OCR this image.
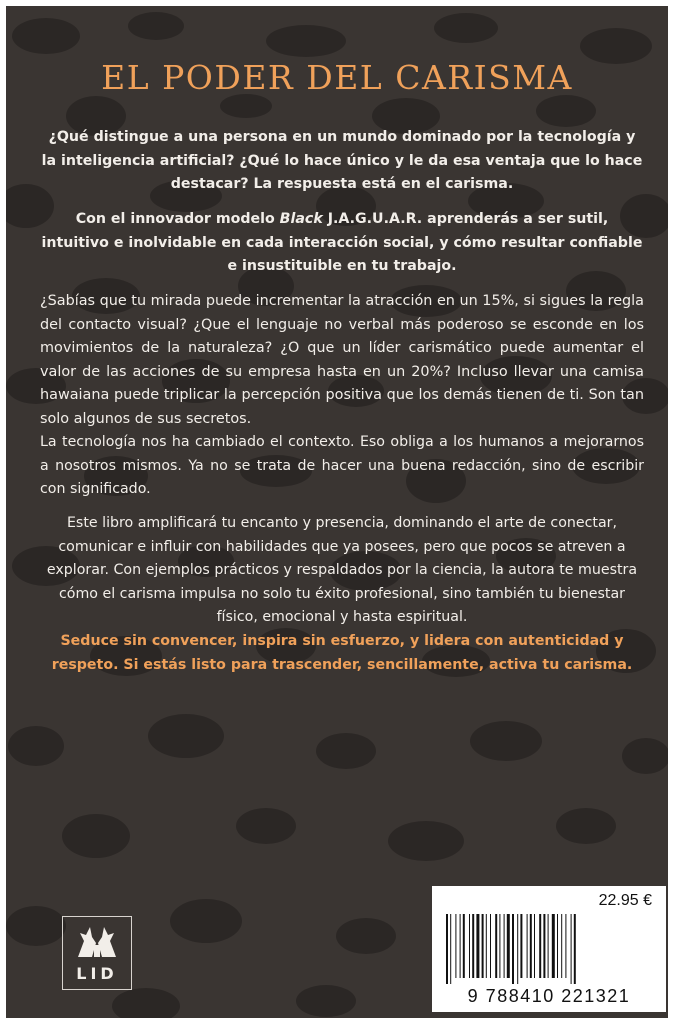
EL PODER DEL CARISMA

¿Qué distingue a una persona en un mundo dominado por la tecnología y la inteligencia artificial? ¿Qué lo hace único y le da esa ventaja que lo hace destacar? La respuesta está en el carisma.

Con el innovador modelo Black J.A.G.U.A.R. aprenderás a ser sutil, intuitivo e inolvidable en cada interacción social, y cómo resultar confiable e insustituible en tu trabajo.

¿Sabías que tu mirada puede incrementar la atracción en un 15%, si sigues la regla del contacto visual? ¿Que el lenguaje no verbal más poderoso se esconde en los movimientos de la naturaleza? ¿O que un líder carismático puede aumentar el valor de las acciones de su empresa hasta en un 20%? Incluso llevar una camisa hawaiana puede triplicar la percepción positiva que los demás tienen de ti. Son tan solo algunos de sus secretos.

La tecnología nos ha cambiado el contexto. Eso obliga a los humanos a mejorarnos a nosotros mismos. Ya no se trata de hacer una buena redacción, sino de escribir con significado.

Este libro amplificará tu encanto y presencia, dominando el arte de conectar, comunicar e influir con habilidades que ya posees, pero que pocos se atreven a explorar. Con ejemplos prácticos y respaldados por la ciencia, la autora te muestra cómo el carisma impulsa no solo tu éxito profesional, sino también tu bienestar físico, emocional y hasta espiritual.

Seduce sin convencer, inspira sin esfuerzo, y lidera con autenticidad y respeto. Si estás listo para trascender, sencillamente, activa tu carisma.

LID
22.95 €
9 788410 221321
